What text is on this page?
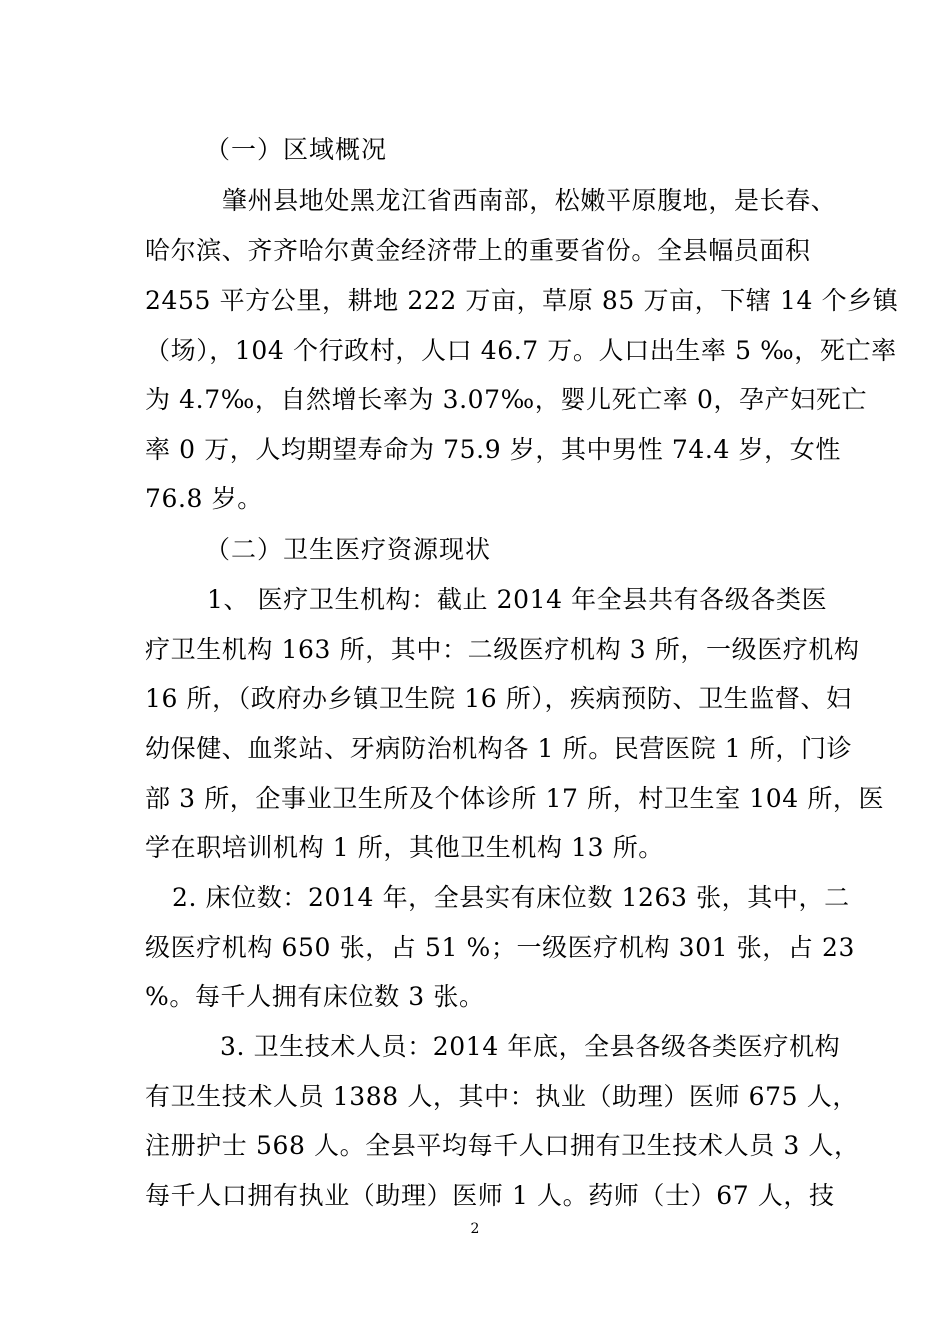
（一）区域概况
肇州县地处黑龙江省西南部，松嫩平原腹地，是长春、
哈尔滨、齐齐哈尔黄金经济带上的重要省份。全县幅员面积
2455 平方公里，耕地 222 万亩，草原 85 万亩，下辖 14 个乡镇
（场），104 个行政村，人口 46.7 万。人口出生率 5 ‰，死亡率
为 4.7‰，自然增长率为 3.07‰，婴儿死亡率 0，孕产妇死亡
率 0 万，人均期望寿命为 75.9 岁，其中男性 74.4 岁，女性
76.8 岁。
（二）卫生医疗资源现状
1、 医疗卫生机构：截止 2014 年全县共有各级各类医
疗卫生机构 163 所，其中：二级医疗机构 3 所，一级医疗机构
16 所，（政府办乡镇卫生院 16 所），疾病预防、卫生监督、妇
幼保健、血浆站、牙病防治机构各 1 所。民营医院 1 所，门诊
部 3 所，企事业卫生所及个体诊所 17 所，村卫生室 104 所，医
学在职培训机构 1 所，其他卫生机构 13 所。
2. 床位数：2014 年，全县实有床位数 1263 张，其中，二
级医疗机构 650 张，占 51 %；一级医疗机构 301 张，占 23
%。每千人拥有床位数 3 张。
3. 卫生技术人员：2014 年底，全县各级各类医疗机构
有卫生技术人员 1388 人，其中：执业（助理）医师 675 人，
注册护士 568 人。全县平均每千人口拥有卫生技术人员 3 人，
每千人口拥有执业（助理）医师 1 人。药师（士）67 人，技
2
